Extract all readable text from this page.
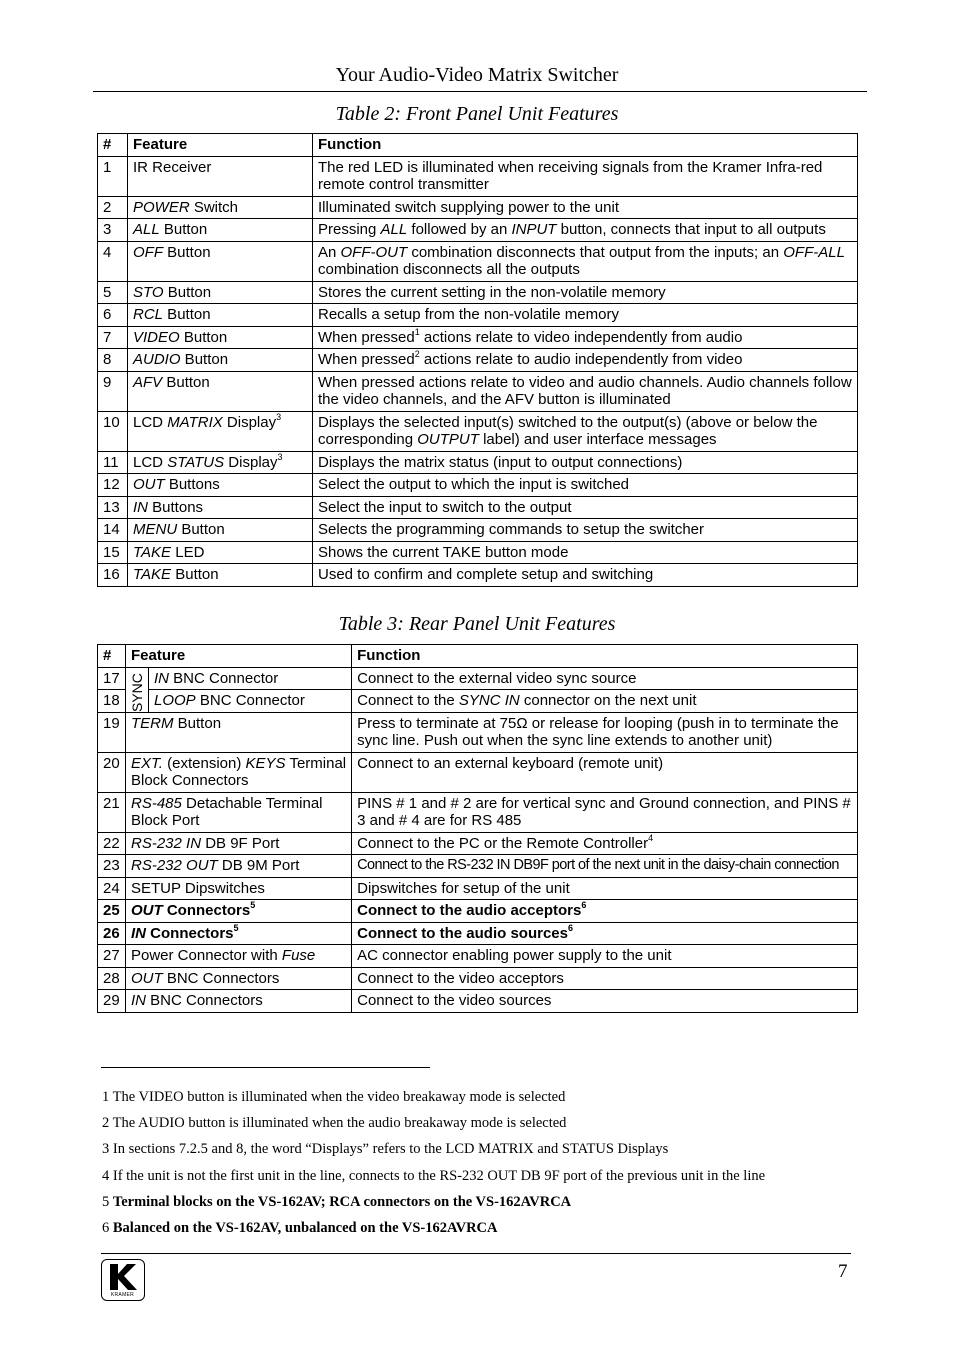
Your Audio-Video Matrix Switcher
Table 2: Front Panel Unit Features
#	Feature	Function
1	IR Receiver	The red LED is illuminated when receiving signals from the Kramer Infra-red remote control transmitter
2	POWER Switch	Illuminated switch supplying power to the unit
3	ALL Button	Pressing ALL followed by an INPUT button, connects that input to all outputs
4	OFF Button	An OFF-OUT combination disconnects that output from the inputs; an OFF-ALL combination disconnects all the outputs
5	STO Button	Stores the current setting in the non-volatile memory
6	RCL Button	Recalls a setup from the non-volatile memory
7	VIDEO Button	When pressed$^1$ actions relate to video independently from audio
8	AUDIO Button	When pressed$^2$ actions relate to audio independently from video
9	AFV Button	When pressed actions relate to video and audio channels. Audio channels follow the video channels, and the AFV button is illuminated
10	LCD MATRIX Display$^3$	Displays the selected input(s) switched to the output(s) (above or below the corresponding OUTPUT label) and user interface messages
11	LCD STATUS Display$^3$	Displays the matrix status (input to output connections)
12	OUT Buttons	Select the output to which the input is switched
13	IN Buttons	Select the input to switch to the output
14	MENU Button	Selects the programming commands to setup the switcher
15	TAKE LED	Shows the current TAKE button mode
16	TAKE Button	Used to confirm and complete setup and switching
Table 3: Rear Panel Unit Features
#	Feature		Function
17	SYNC	IN BNC Connector	Connect to the external video sync source
18		LOOP BNC Connector	Connect to the SYNC IN connector on the next unit
19	TERM Button		Press to terminate at 75Ω or release for looping (push in to terminate the sync line. Push out when the sync line extends to another unit)
20	EXT. (extension) KEYS Terminal Block Connectors		Connect to an external keyboard (remote unit)
21	RS-485 Detachable Terminal Block Port		PINS # 1 and # 2 are for vertical sync and Ground connection, and PINS # 3 and # 4 are for RS 485
22	RS-232 IN DB 9F Port		Connect to the PC or the Remote Controller$^4$
23	RS-232 OUT DB 9M Port		Connect to the RS-232 IN DB9F port of the next unit in the daisy-chain connection
24	SETUP Dipswitches		Dipswitches for setup of the unit
25	OUT Connectors$^5$		Connect to the audio acceptors$^6$
26	IN Connectors$^5$		Connect to the audio sources$^6$
27	Power Connector with Fuse		AC connector enabling power supply to the unit
28	OUT BNC Connectors		Connect to the video acceptors
29	IN BNC Connectors		Connect to the video sources
1 The VIDEO button is illuminated when the video breakaway mode is selected
2 The AUDIO button is illuminated when the audio breakaway mode is selected
3 In sections 7.2.5 and 8, the word “Displays” refers to the LCD MATRIX and STATUS Displays
4 If the unit is not the first unit in the line, connects to the RS-232 OUT DB 9F port of the previous unit in the line
5 Terminal blocks on the VS-162AV; RCA connectors on the VS-162AVRCA
6 Balanced on the VS-162AV, unbalanced on the VS-162AVRCA
KRAMER
7
